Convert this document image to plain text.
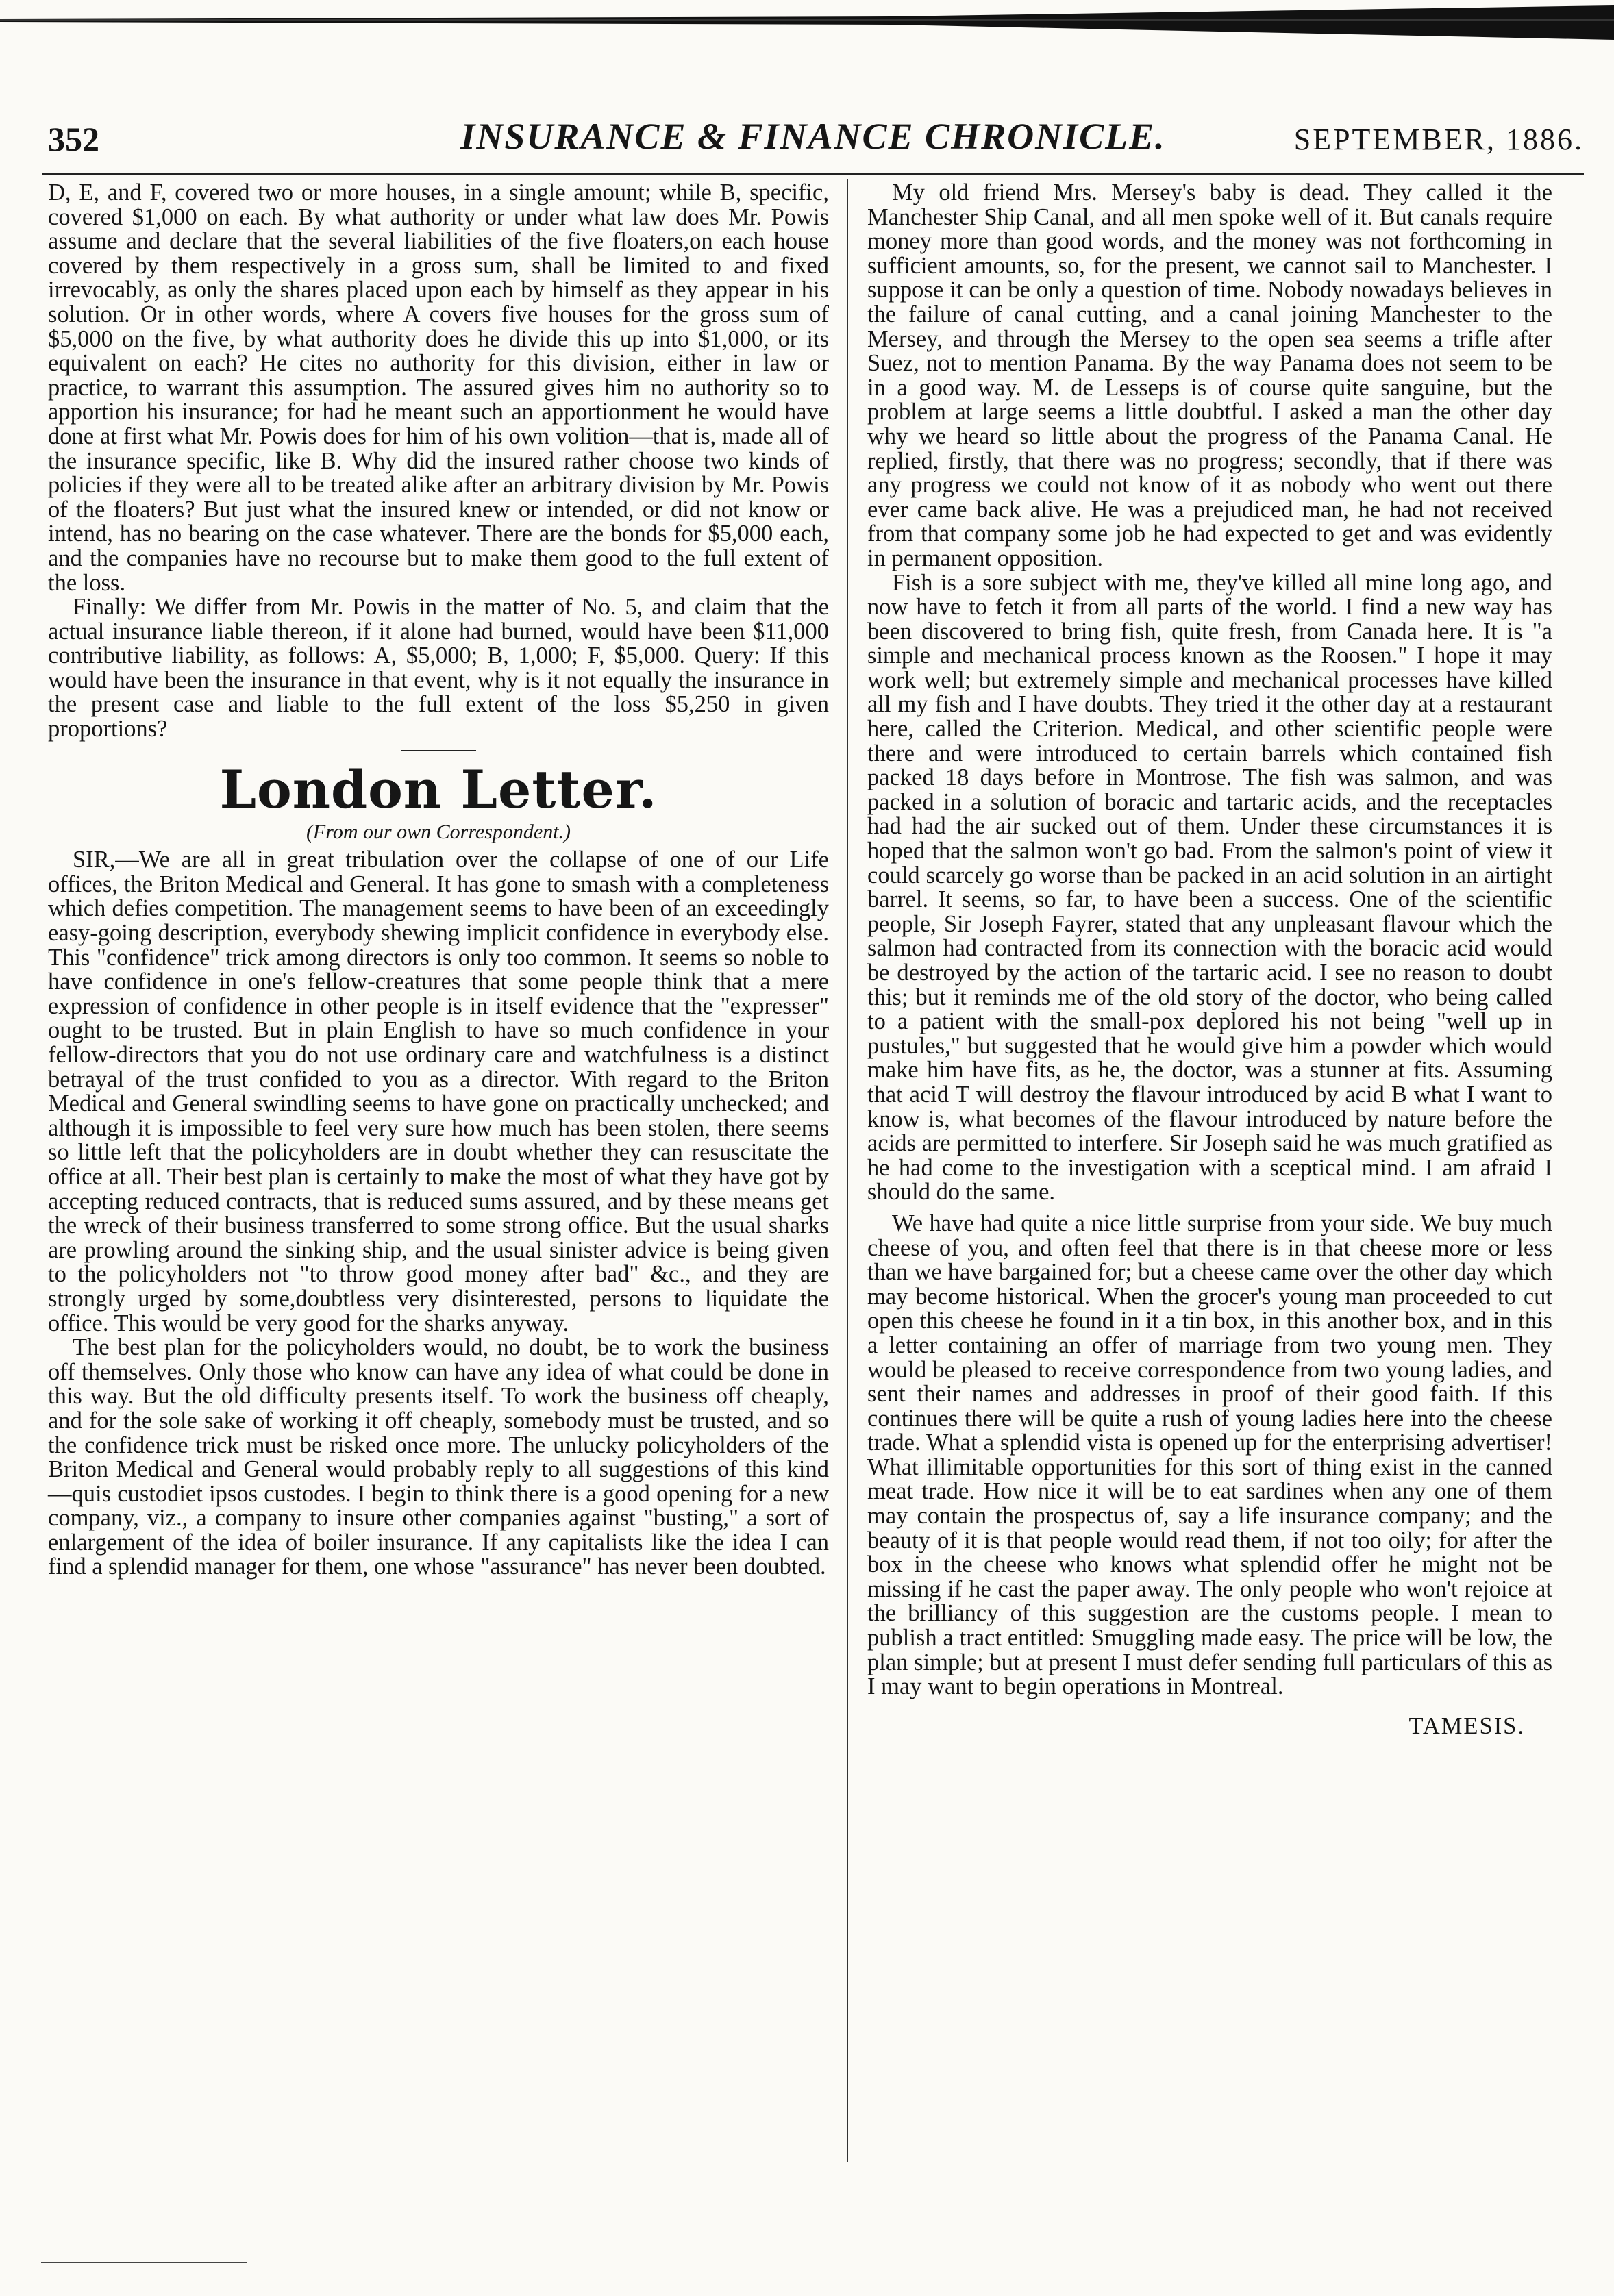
352	INSURANCE & FINANCE CHRONICLE.	SEPTEMBER, 1886.

D, E, and F, covered two or more houses, in a single amount; while B, specific, covered $1,000 on each. By what authority or under what law does Mr. Powis assume and declare that the several liabilities of the five floaters,on each house covered by them respectively in a gross sum, shall be limited to and fixed irrevocably, as only the shares placed upon each by himself as they appear in his solution. Or in other words, where A covers five houses for the gross sum of $5,000 on the five, by what authority does he divide this up into $1,000, or its equivalent on each? He cites no authority for this division, either in law or practice, to warrant this assumption. The assured gives him no authority so to apportion his insurance; for had he meant such an apportionment he would have done at first what Mr. Powis does for him of his own volition—that is, made all of the insurance specific, like B. Why did the insured rather choose two kinds of policies if they were all to be treated alike after an arbitrary division by Mr. Powis of the floaters? But just what the insured knew or intended, or did not know or intend, has no bearing on the case whatever. There are the bonds for $5,000 each, and the companies have no recourse but to make them good to the full extent of the loss.

Finally: We differ from Mr. Powis in the matter of No. 5, and claim that the actual insurance liable thereon, if it alone had burned, would have been $11,000 contributive liability, as follows: A, $5,000; B, 1,000; F, $5,000. Query: If this would have been the insurance in that event, why is it not equally the insurance in the present case and liable to the full extent of the loss $5,250 in given proportions?

London Letter.
(From our own Correspondent.)

SIR,—We are all in great tribulation over the collapse of one of our Life offices, the Briton Medical and General. It has gone to smash with a completeness which defies competition. The management seems to have been of an exceedingly easy-going description, everybody shewing implicit confidence in everybody else. This "confidence" trick among directors is only too common. It seems so noble to have confidence in one's fellow-creatures that some people think that a mere expression of confidence in other people is in itself evidence that the "expresser" ought to be trusted. But in plain English to have so much confidence in your fellow-directors that you do not use ordinary care and watchfulness is a distinct betrayal of the trust confided to you as a director. With regard to the Briton Medical and General swindling seems to have gone on practically unchecked; and although it is impossible to feel very sure how much has been stolen, there seems so little left that the policyholders are in doubt whether they can resuscitate the office at all. Their best plan is certainly to make the most of what they have got by accepting reduced contracts, that is reduced sums assured, and by these means get the wreck of their business transferred to some strong office. But the usual sharks are prowling around the sinking ship, and the usual sinister advice is being given to the policyholders not "to throw good money after bad" &c., and they are strongly urged by some,doubtless very disinterested, persons to liquidate the office. This would be very good for the sharks anyway.

The best plan for the policyholders would, no doubt, be to work the business off themselves. Only those who know can have any idea of what could be done in this way. But the old difficulty presents itself. To work the business off cheaply, and for the sole sake of working it off cheaply, somebody must be trusted, and so the confidence trick must be risked once more. The unlucky policyholders of the Briton Medical and General would probably reply to all suggestions of this kind—quis custodiet ipsos custodes. I begin to think there is a good opening for a new company, viz., a company to insure other companies against "busting," a sort of enlargement of the idea of boiler insurance. If any capitalists like the idea I can find a splendid manager for them, one whose "assurance" has never been doubted.

My old friend Mrs. Mersey's baby is dead. They called it the Manchester Ship Canal, and all men spoke well of it. But canals require money more than good words, and the money was not forthcoming in sufficient amounts, so, for the present, we cannot sail to Manchester. I suppose it can be only a question of time. Nobody nowadays believes in the failure of canal cutting, and a canal joining Manchester to the Mersey, and through the Mersey to the open sea seems a trifle after Suez, not to mention Panama. By the way Panama does not seem to be in a good way. M. de Lesseps is of course quite sanguine, but the problem at large seems a little doubtful. I asked a man the other day why we heard so little about the progress of the Panama Canal. He replied, firstly, that there was no progress; secondly, that if there was any progress we could not know of it as nobody who went out there ever came back alive. He was a prejudiced man, he had not received from that company some job he had expected to get and was evidently in permanent opposition.

Fish is a sore subject with me, they've killed all mine long ago, and now have to fetch it from all parts of the world. I find a new way has been discovered to bring fish, quite fresh, from Canada here. It is "a simple and mechanical process known as the Roosen." I hope it may work well; but extremely simple and mechanical processes have killed all my fish and I have doubts. They tried it the other day at a restaurant here, called the Criterion. Medical, and other scientific people were there and were introduced to certain barrels which contained fish packed 18 days before in Montrose. The fish was salmon, and was packed in a solution of boracic and tartaric acids, and the receptacles had had the air sucked out of them. Under these circumstances it is hoped that the salmon won't go bad. From the salmon's point of view it could scarcely go worse than be packed in an acid solution in an airtight barrel. It seems, so far, to have been a success. One of the scientific people, Sir Joseph Fayrer, stated that any unpleasant flavour which the salmon had contracted from its connection with the boracic acid would be destroyed by the action of the tartaric acid. I see no reason to doubt this; but it reminds me of the old story of the doctor, who being called to a patient with the small-pox deplored his not being "well up in pustules," but suggested that he would give him a powder which would make him have fits, as he, the doctor, was a stunner at fits. Assuming that acid T will destroy the flavour introduced by acid B what I want to know is, what becomes of the flavour introduced by nature before the acids are permitted to interfere. Sir Joseph said he was much gratified as he had come to the investigation with a sceptical mind. I am afraid I should do the same.

We have had quite a nice little surprise from your side. We buy much cheese of you, and often feel that there is in that cheese more or less than we have bargained for; but a cheese came over the other day which may become historical. When the grocer's young man proceeded to cut open this cheese he found in it a tin box, in this another box, and in this a letter containing an offer of marriage from two young men. They would be pleased to receive correspondence from two young ladies, and sent their names and addresses in proof of their good faith. If this continues there will be quite a rush of young ladies here into the cheese trade. What a splendid vista is opened up for the enterprising advertiser! What illimitable opportunities for this sort of thing exist in the canned meat trade. How nice it will be to eat sardines when any one of them may contain the prospectus of, say a life insurance company; and the beauty of it is that people would read them, if not too oily; for after the box in the cheese who knows what splendid offer he might not be missing if he cast the paper away. The only people who won't rejoice at the brilliancy of this suggestion are the customs people. I mean to publish a tract entitled: Smuggling made easy. The price will be low, the plan simple; but at present I must defer sending full particulars of this as I may want to begin operations in Montreal.

TAMESIS.
